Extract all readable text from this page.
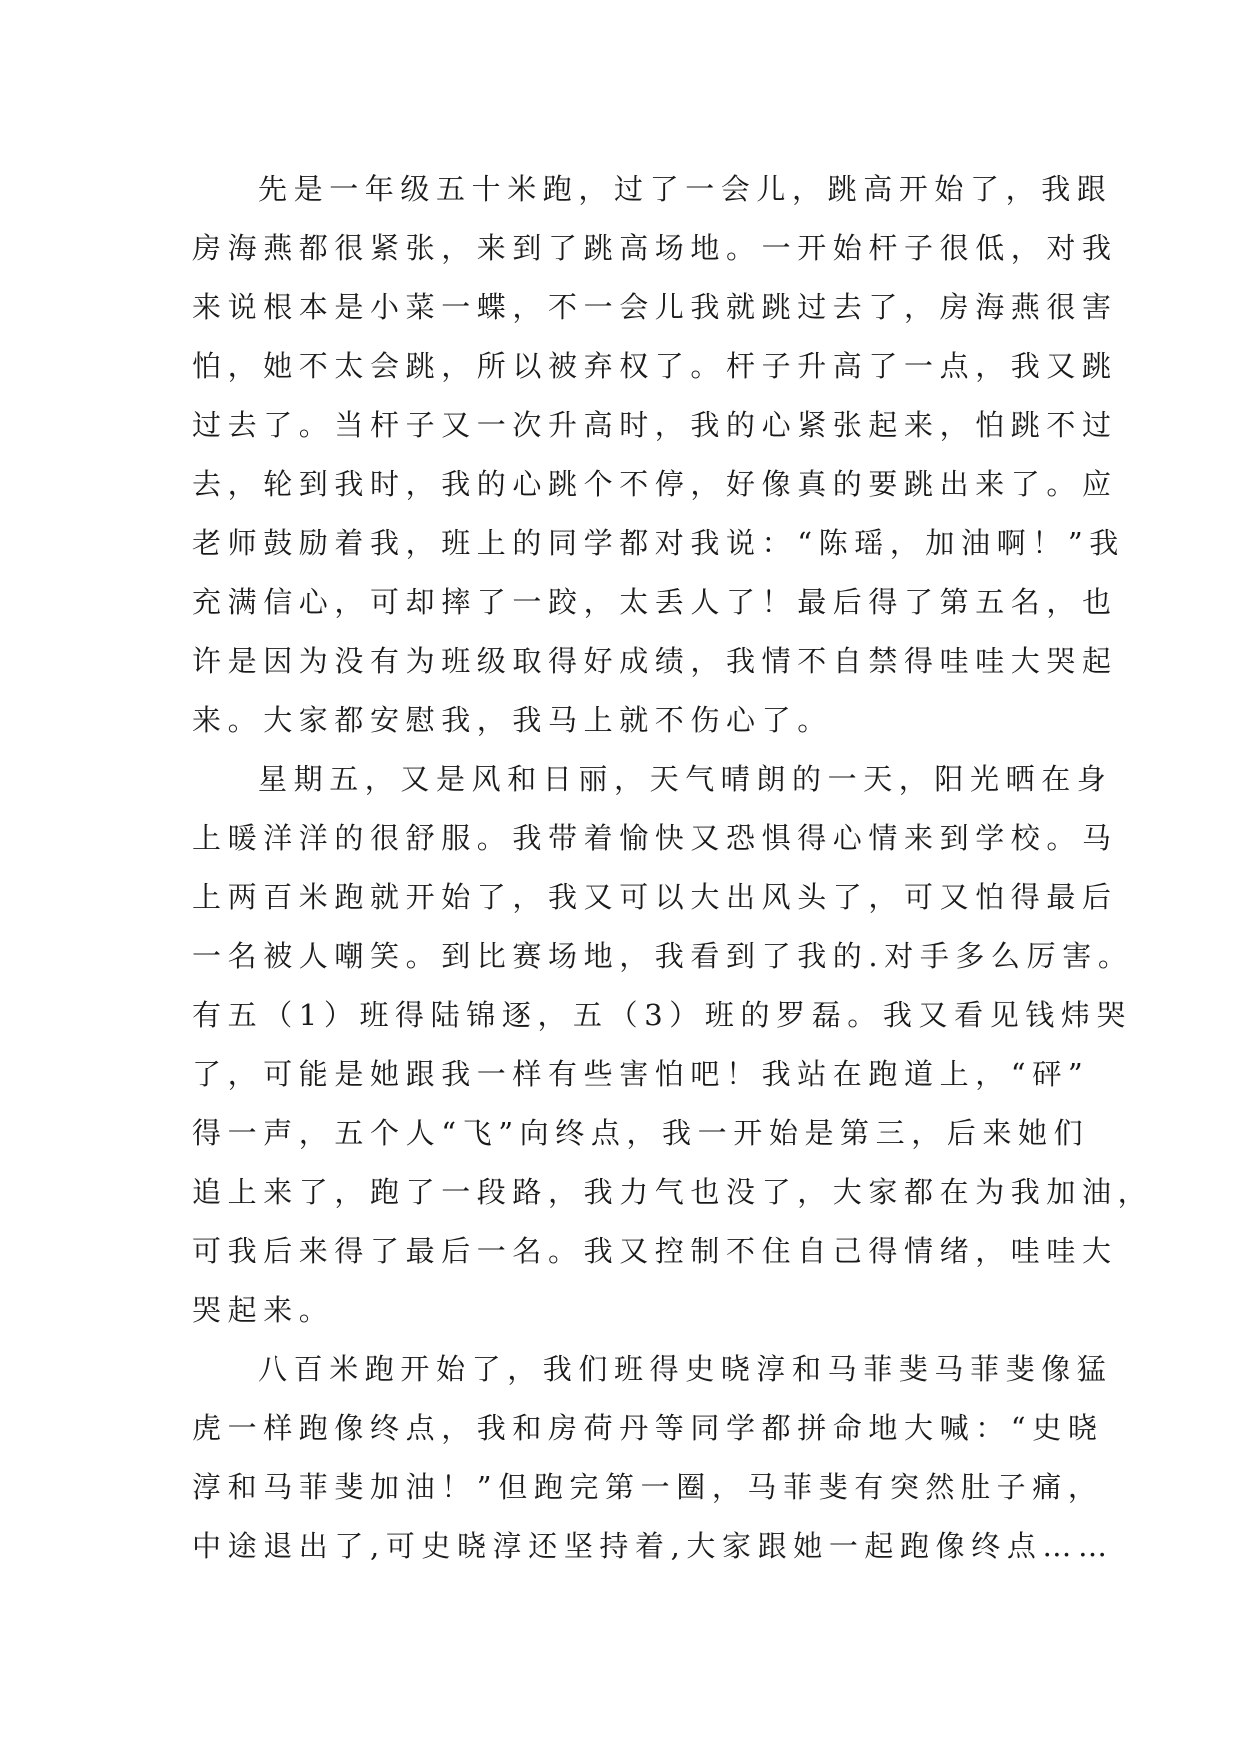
先是一年级五十米跑，过了一会儿，跳高开始了，我跟
房海燕都很紧张，来到了跳高场地。一开始杆子很低，对我
来说根本是小菜一蝶，不一会儿我就跳过去了，房海燕很害
怕，她不太会跳，所以被弃权了。杆子升高了一点，我又跳
过去了。当杆子又一次升高时，我的心紧张起来，怕跳不过
去，轮到我时，我的心跳个不停，好像真的要跳出来了。应
老师鼓励着我，班上的同学都对我说：“陈瑶，加油啊！”我
充满信心，可却摔了一跤，太丢人了！最后得了第五名，也
许是因为没有为班级取得好成绩，我情不自禁得哇哇大哭起
来。大家都安慰我，我马上就不伤心了。
星期五，又是风和日丽，天气晴朗的一天，阳光晒在身
上暖洋洋的很舒服。我带着愉快又恐惧得心情来到学校。马
上两百米跑就开始了，我又可以大出风头了，可又怕得最后
一名被人嘲笑。到比赛场地，我看到了我的.对手多么厉害。
有五（1）班得陆锦逐，五（3）班的罗磊。我又看见钱炜哭
了，可能是她跟我一样有些害怕吧！我站在跑道上，“砰”
得一声，五个人“飞”向终点，我一开始是第三，后来她们
追上来了，跑了一段路，我力气也没了，大家都在为我加油，
可我后来得了最后一名。我又控制不住自己得情绪，哇哇大
哭起来。
八百米跑开始了，我们班得史晓淳和马菲斐马菲斐像猛
虎一样跑像终点，我和房荷丹等同学都拼命地大喊：“史晓
淳和马菲斐加油！”但跑完第一圈，马菲斐有突然肚子痛，
中途退出了,可史晓淳还坚持着,大家跟她一起跑像终点……
